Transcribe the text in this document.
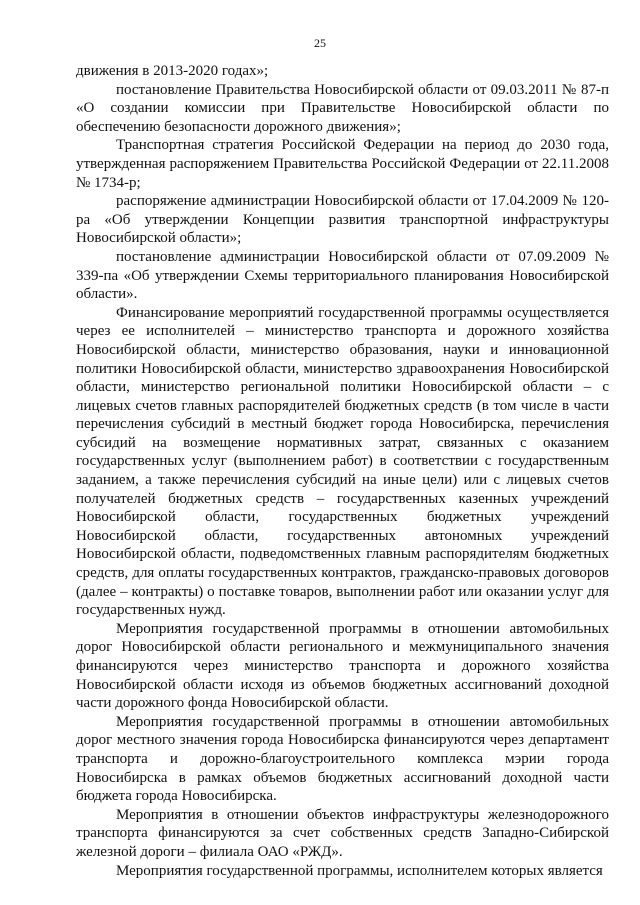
25

движения в 2013-2020 годах»;

постановление Правительства Новосибирской области от 09.03.2011 № 87-п «О создании комиссии при Правительстве Новосибирской области по обеспечению безопасности дорожного движения»;

Транспортная стратегия Российской Федерации на период до 2030 года, утвержденная распоряжением Правительства Российской Федерации от 22.11.2008 № 1734-р;

распоряжение администрации Новосибирской области от 17.04.2009 № 120-ра «Об утверждении Концепции развития транспортной инфраструктуры Новосибирской области»;

постановление администрации Новосибирской области от 07.09.2009 № 339-па «Об утверждении Схемы территориального планирования Новосибирской области».

Финансирование мероприятий государственной программы осуществляется через ее исполнителей – министерство транспорта и дорожного хозяйства Новосибирской области, министерство образования, науки и инновационной политики Новосибирской области, министерство здравоохранения Новосибирской области, министерство региональной политики Новосибирской области – с лицевых счетов главных распорядителей бюджетных средств (в том числе в части перечисления субсидий в местный бюджет города Новосибирска, перечисления субсидий на возмещение нормативных затрат, связанных с оказанием государственных услуг (выполнением работ) в соответствии с государственным заданием, а также перечисления субсидий на иные цели) или с лицевых счетов получателей бюджетных средств – государственных казенных учреждений Новосибирской области, государственных бюджетных учреждений Новосибирской области, государственных автономных учреждений Новосибирской области, подведомственных главным распорядителям бюджетных средств, для оплаты государственных контрактов, гражданско-правовых договоров (далее – контракты) о поставке товаров, выполнении работ или оказании услуг для государственных нужд.

Мероприятия государственной программы в отношении автомобильных дорог Новосибирской области регионального и межмуниципального значения финансируются через министерство транспорта и дорожного хозяйства Новосибирской области исходя из объемов бюджетных ассигнований доходной части дорожного фонда Новосибирской области.

Мероприятия государственной программы в отношении автомобильных дорог местного значения города Новосибирска финансируются через департамент транспорта и дорожно-благоустроительного комплекса мэрии города Новосибирска в рамках объемов бюджетных ассигнований доходной части бюджета города Новосибирска.

Мероприятия в отношении объектов инфраструктуры железнодорожного транспорта финансируются за счет собственных средств Западно-Сибирской железной дороги – филиала ОАО «РЖД».

Мероприятия государственной программы, исполнителем которых является
